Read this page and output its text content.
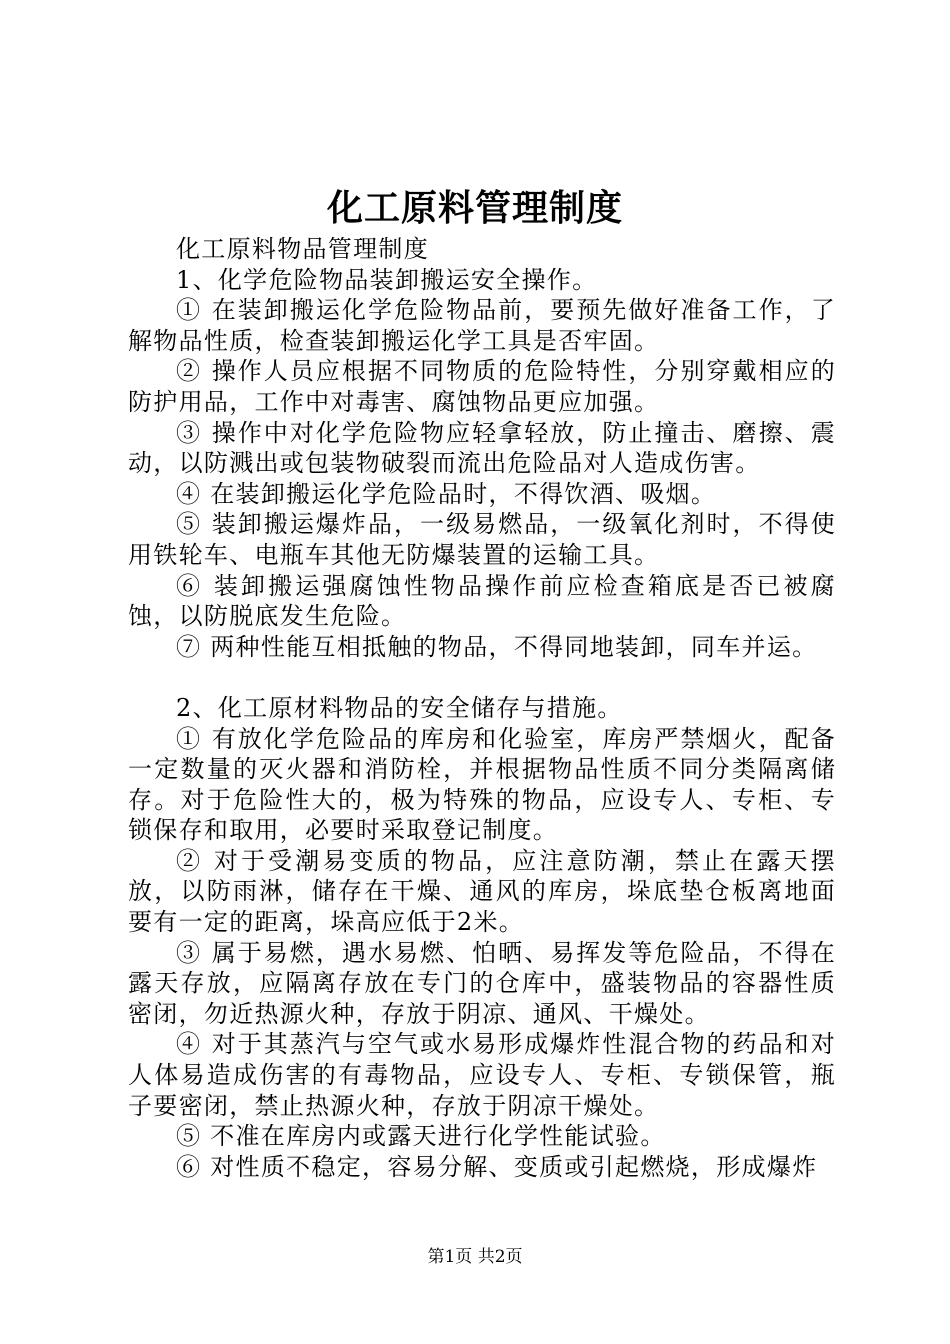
化工原料管理制度

化工原料物品管理制度

1、化学危险物品装卸搬运安全操作。

① 在装卸搬运化学危险物品前，要预先做好准备工作，了解物品性质，检查装卸搬运化学工具是否牢固。

② 操作人员应根据不同物质的危险特性，分别穿戴相应的防护用品，工作中对毒害、腐蚀物品更应加强。

③ 操作中对化学危险物应轻拿轻放，防止撞击、磨擦、震动，以防溅出或包装物破裂而流出危险品对人造成伤害。

④ 在装卸搬运化学危险品时，不得饮酒、吸烟。

⑤ 装卸搬运爆炸品，一级易燃品，一级氧化剂时，不得使用铁轮车、电瓶车其他无防爆装置的运输工具。

⑥ 装卸搬运强腐蚀性物品操作前应检查箱底是否已被腐蚀，以防脱底发生危险。

⑦ 两种性能互相抵触的物品，不得同地装卸，同车并运。

2、化工原材料物品的安全储存与措施。

① 有放化学危险品的库房和化验室，库房严禁烟火，配备一定数量的灭火器和消防栓，并根据物品性质不同分类隔离储存。对于危险性大的，极为特殊的物品，应设专人、专柜、专锁保存和取用，必要时采取登记制度。

② 对于受潮易变质的物品，应注意防潮，禁止在露天摆放，以防雨淋，储存在干燥、通风的库房，垛底垫仓板离地面要有一定的距离，垛高应低于2米。

③ 属于易燃，遇水易燃、怕晒、易挥发等危险品，不得在露天存放，应隔离存放在专门的仓库中，盛装物品的容器性质密闭，勿近热源火种，存放于阴凉、通风、干燥处。

④ 对于其蒸汽与空气或水易形成爆炸性混合物的药品和对人体易造成伤害的有毒物品，应设专人、专柜、专锁保管，瓶子要密闭，禁止热源火种，存放于阴凉干燥处。

⑤ 不准在库房内或露天进行化学性能试验。

⑥ 对性质不稳定，容易分解、变质或引起燃烧，形成爆炸

第1页 共2页
